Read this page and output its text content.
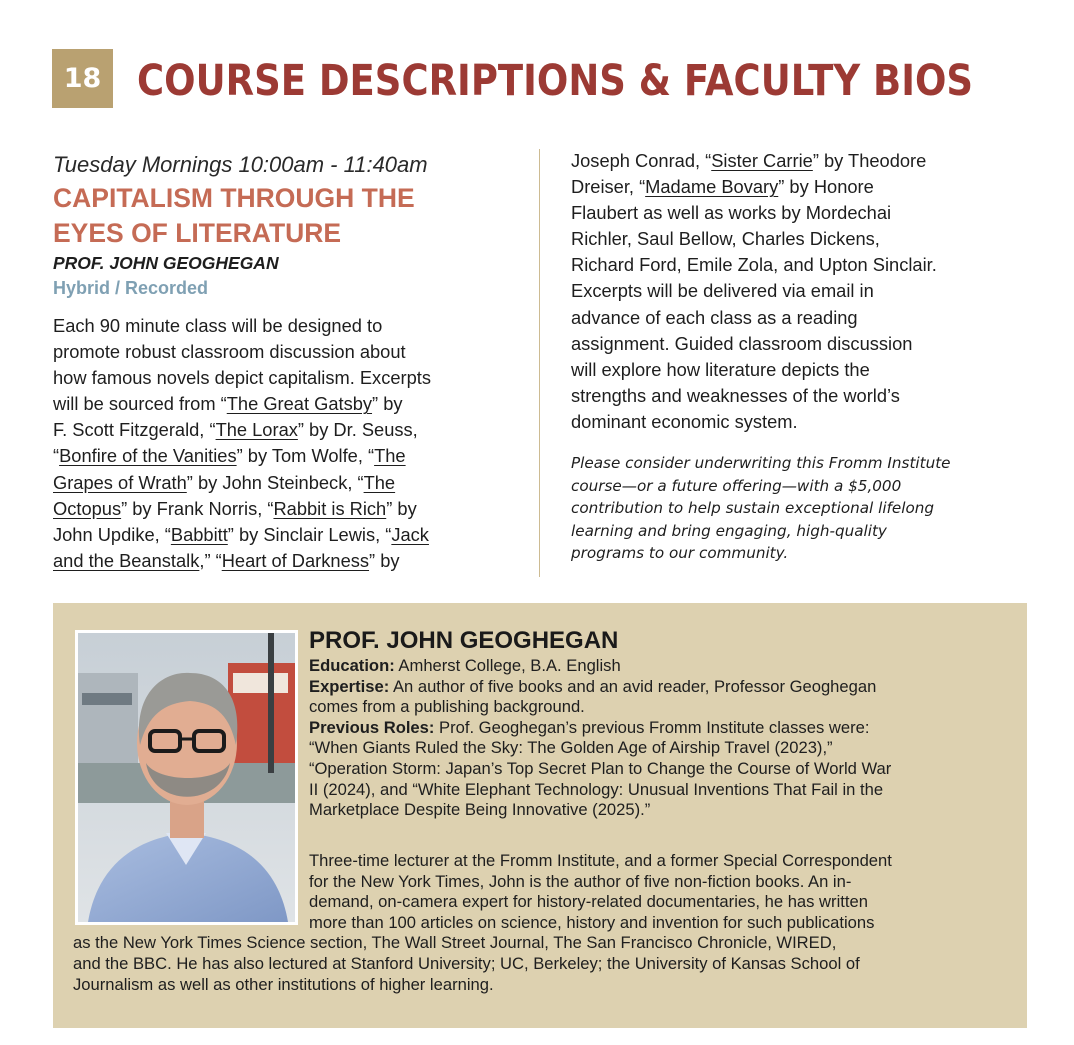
18 COURSE DESCRIPTIONS & FACULTY BIOS
Tuesday Mornings 10:00am - 11:40am
CAPITALISM THROUGH THE
EYES OF LITERATURE
PROF. JOHN GEOGHEGAN
Hybrid / Recorded
Each 90 minute class will be designed to
promote robust classroom discussion about
how famous novels depict capitalism. Excerpts
will be sourced from “The Great Gatsby” by
F. Scott Fitzgerald, “The Lorax” by Dr. Seuss,
“Bonfire of the Vanities” by Tom Wolfe, “The
Grapes of Wrath” by John Steinbeck, “The
Octopus” by Frank Norris, “Rabbit is Rich” by
John Updike, “Babbitt” by Sinclair Lewis, “Jack
and the Beanstalk,” “Heart of Darkness” by
Joseph Conrad, “Sister Carrie” by Theodore
Dreiser, “Madame Bovary” by Honore
Flaubert as well as works by Mordechai
Richler, Saul Bellow, Charles Dickens,
Richard Ford, Emile Zola, and Upton Sinclair.
Excerpts will be delivered via email in
advance of each class as a reading
assignment. Guided classroom discussion
will explore how literature depicts the
strengths and weaknesses of the world’s
dominant economic system.
Please consider underwriting this Fromm Institute
course—or a future offering—with a $5,000
contribution to help sustain exceptional lifelong
learning and bring engaging, high-quality
programs to our community.
PROF. JOHN GEOGHEGAN
Education: Amherst College, B.A. English
Expertise: An author of five books and an avid reader, Professor Geoghegan
comes from a publishing background.
Previous Roles: Prof. Geoghegan’s previous Fromm Institute classes were:
“When Giants Ruled the Sky: The Golden Age of Airship Travel (2023),”
“Operation Storm: Japan’s Top Secret Plan to Change the Course of World War
II (2024), and “White Elephant Technology: Unusual Inventions That Fail in the
Marketplace Despite Being Innovative (2025).”
Three-time lecturer at the Fromm Institute, and a former Special Correspondent
for the New York Times, John is the author of five non-fiction books. An in-
demand, on-camera expert for history-related documentaries, he has written
more than 100 articles on science, history and invention for such publications
as the New York Times Science section, The Wall Street Journal, The San Francisco Chronicle, WIRED,
and the BBC. He has also lectured at Stanford University; UC, Berkeley; the University of Kansas School of
Journalism as well as other institutions of higher learning.
